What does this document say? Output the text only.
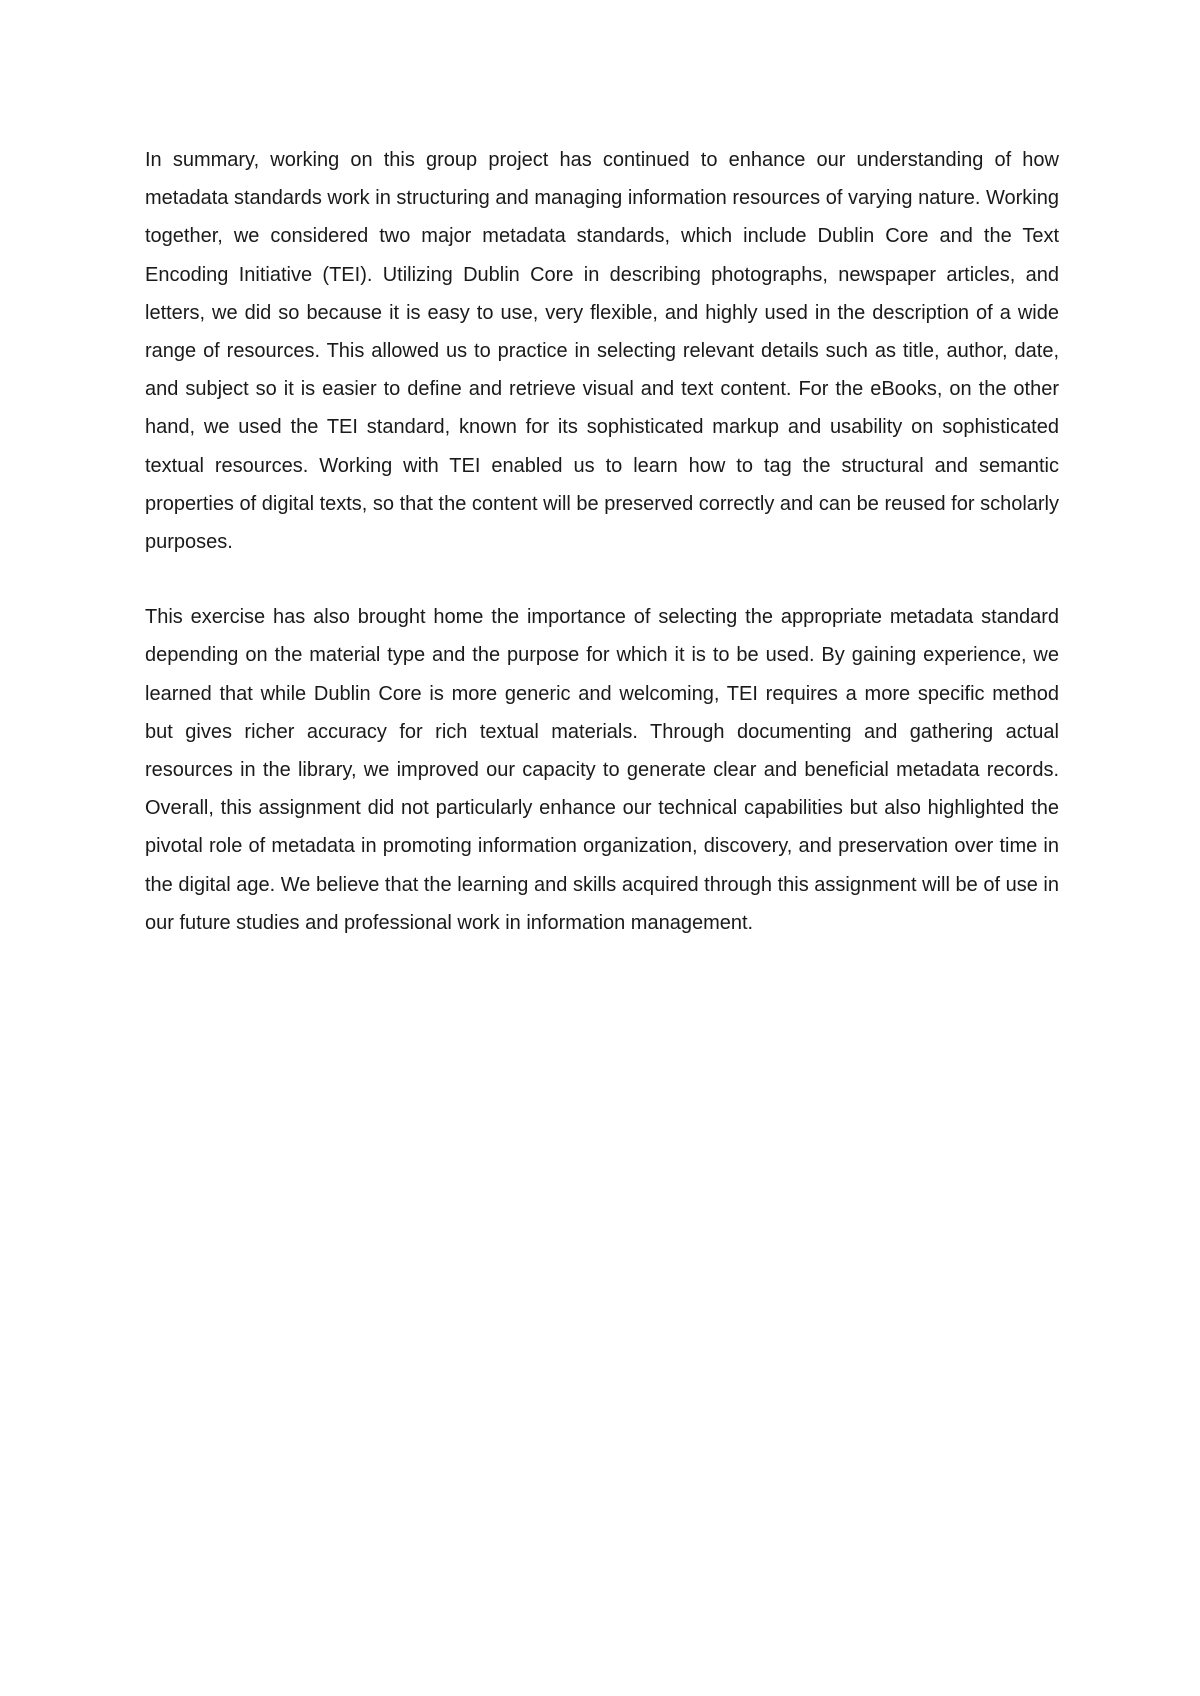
In summary, working on this group project has continued to enhance our understanding of how metadata standards work in structuring and managing information resources of varying nature. Working together, we considered two major metadata standards, which include Dublin Core and the Text Encoding Initiative (TEI). Utilizing Dublin Core in describing photographs, newspaper articles, and letters, we did so because it is easy to use, very flexible, and highly used in the description of a wide range of resources. This allowed us to practice in selecting relevant details such as title, author, date, and subject so it is easier to define and retrieve visual and text content. For the eBooks, on the other hand, we used the TEI standard, known for its sophisticated markup and usability on sophisticated textual resources. Working with TEI enabled us to learn how to tag the structural and semantic properties of digital texts, so that the content will be preserved correctly and can be reused for scholarly purposes.

This exercise has also brought home the importance of selecting the appropriate metadata standard depending on the material type and the purpose for which it is to be used. By gaining experience, we learned that while Dublin Core is more generic and welcoming, TEI requires a more specific method but gives richer accuracy for rich textual materials. Through documenting and gathering actual resources in the library, we improved our capacity to generate clear and beneficial metadata records. Overall, this assignment did not particularly enhance our technical capabilities but also highlighted the pivotal role of metadata in promoting information organization, discovery, and preservation over time in the digital age. We believe that the learning and skills acquired through this assignment will be of use in our future studies and professional work in information management.
